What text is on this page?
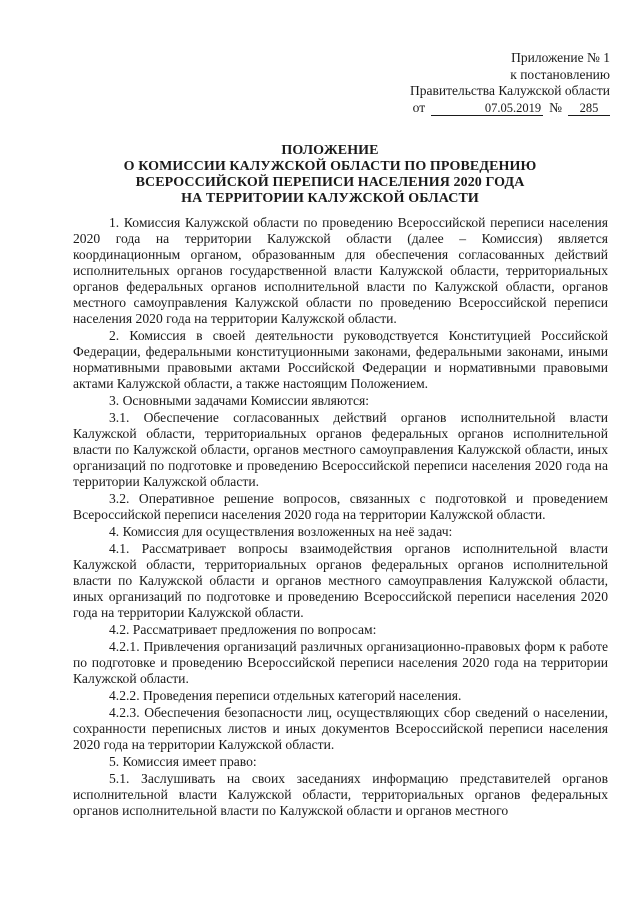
Приложение № 1
к постановлению
Правительства Калужской области
от	07.05.2019 №	285
ПОЛОЖЕНИЕ
О КОМИССИИ КАЛУЖСКОЙ ОБЛАСТИ ПО ПРОВЕДЕНИЮ
ВСЕРОССИЙСКОЙ ПЕРЕПИСИ НАСЕЛЕНИЯ 2020 ГОДА
НА ТЕРРИТОРИИ КАЛУЖСКОЙ ОБЛАСТИ

1. Комиссия Калужской области по проведению Всероссийской переписи населения 2020 года на территории Калужской области (далее – Комиссия) является координационным органом, образованным для обеспечения согласованных действий исполнительных органов государственной власти Калужской области, территориальных органов федеральных органов исполнительной власти по Калужской области, органов местного самоуправления Калужской области по проведению Всероссийской переписи населения 2020 года на территории Калужской области.

2. Комиссия в своей деятельности руководствуется Конституцией Российской Федерации, федеральными конституционными законами, федеральными законами, иными нормативными правовыми актами Российской Федерации и нормативными правовыми актами Калужской области, а также настоящим Положением.

3. Основными задачами Комиссии являются:

3.1. Обеспечение согласованных действий органов исполнительной власти Калужской области, территориальных органов федеральных органов исполнительной власти по Калужской области, органов местного самоуправления Калужской области, иных организаций по подготовке и проведению Всероссийской переписи населения 2020 года на территории Калужской области.

3.2. Оперативное решение вопросов, связанных с подготовкой и проведением Всероссийской переписи населения 2020 года на территории Калужской области.

4. Комиссия для осуществления возложенных на неё задач:

4.1. Рассматривает вопросы взаимодействия органов исполнительной власти Калужской области, территориальных органов федеральных органов исполнительной власти по Калужской области и органов местного самоуправления Калужской области, иных организаций по подготовке и проведению Всероссийской переписи населения 2020 года на территории Калужской области.

4.2. Рассматривает предложения по вопросам:

4.2.1. Привлечения организаций различных организационно-правовых форм к работе по подготовке и проведению Всероссийской переписи населения 2020 года на территории Калужской области.

4.2.2. Проведения переписи отдельных категорий населения.

4.2.3. Обеспечения безопасности лиц, осуществляющих сбор сведений о населении, сохранности переписных листов и иных документов Всероссийской переписи населения 2020 года на территории Калужской области.

5. Комиссия имеет право:

5.1. Заслушивать на своих заседаниях информацию представителей органов исполнительной власти Калужской области, территориальных органов федеральных органов исполнительной власти по Калужской области и органов местного
